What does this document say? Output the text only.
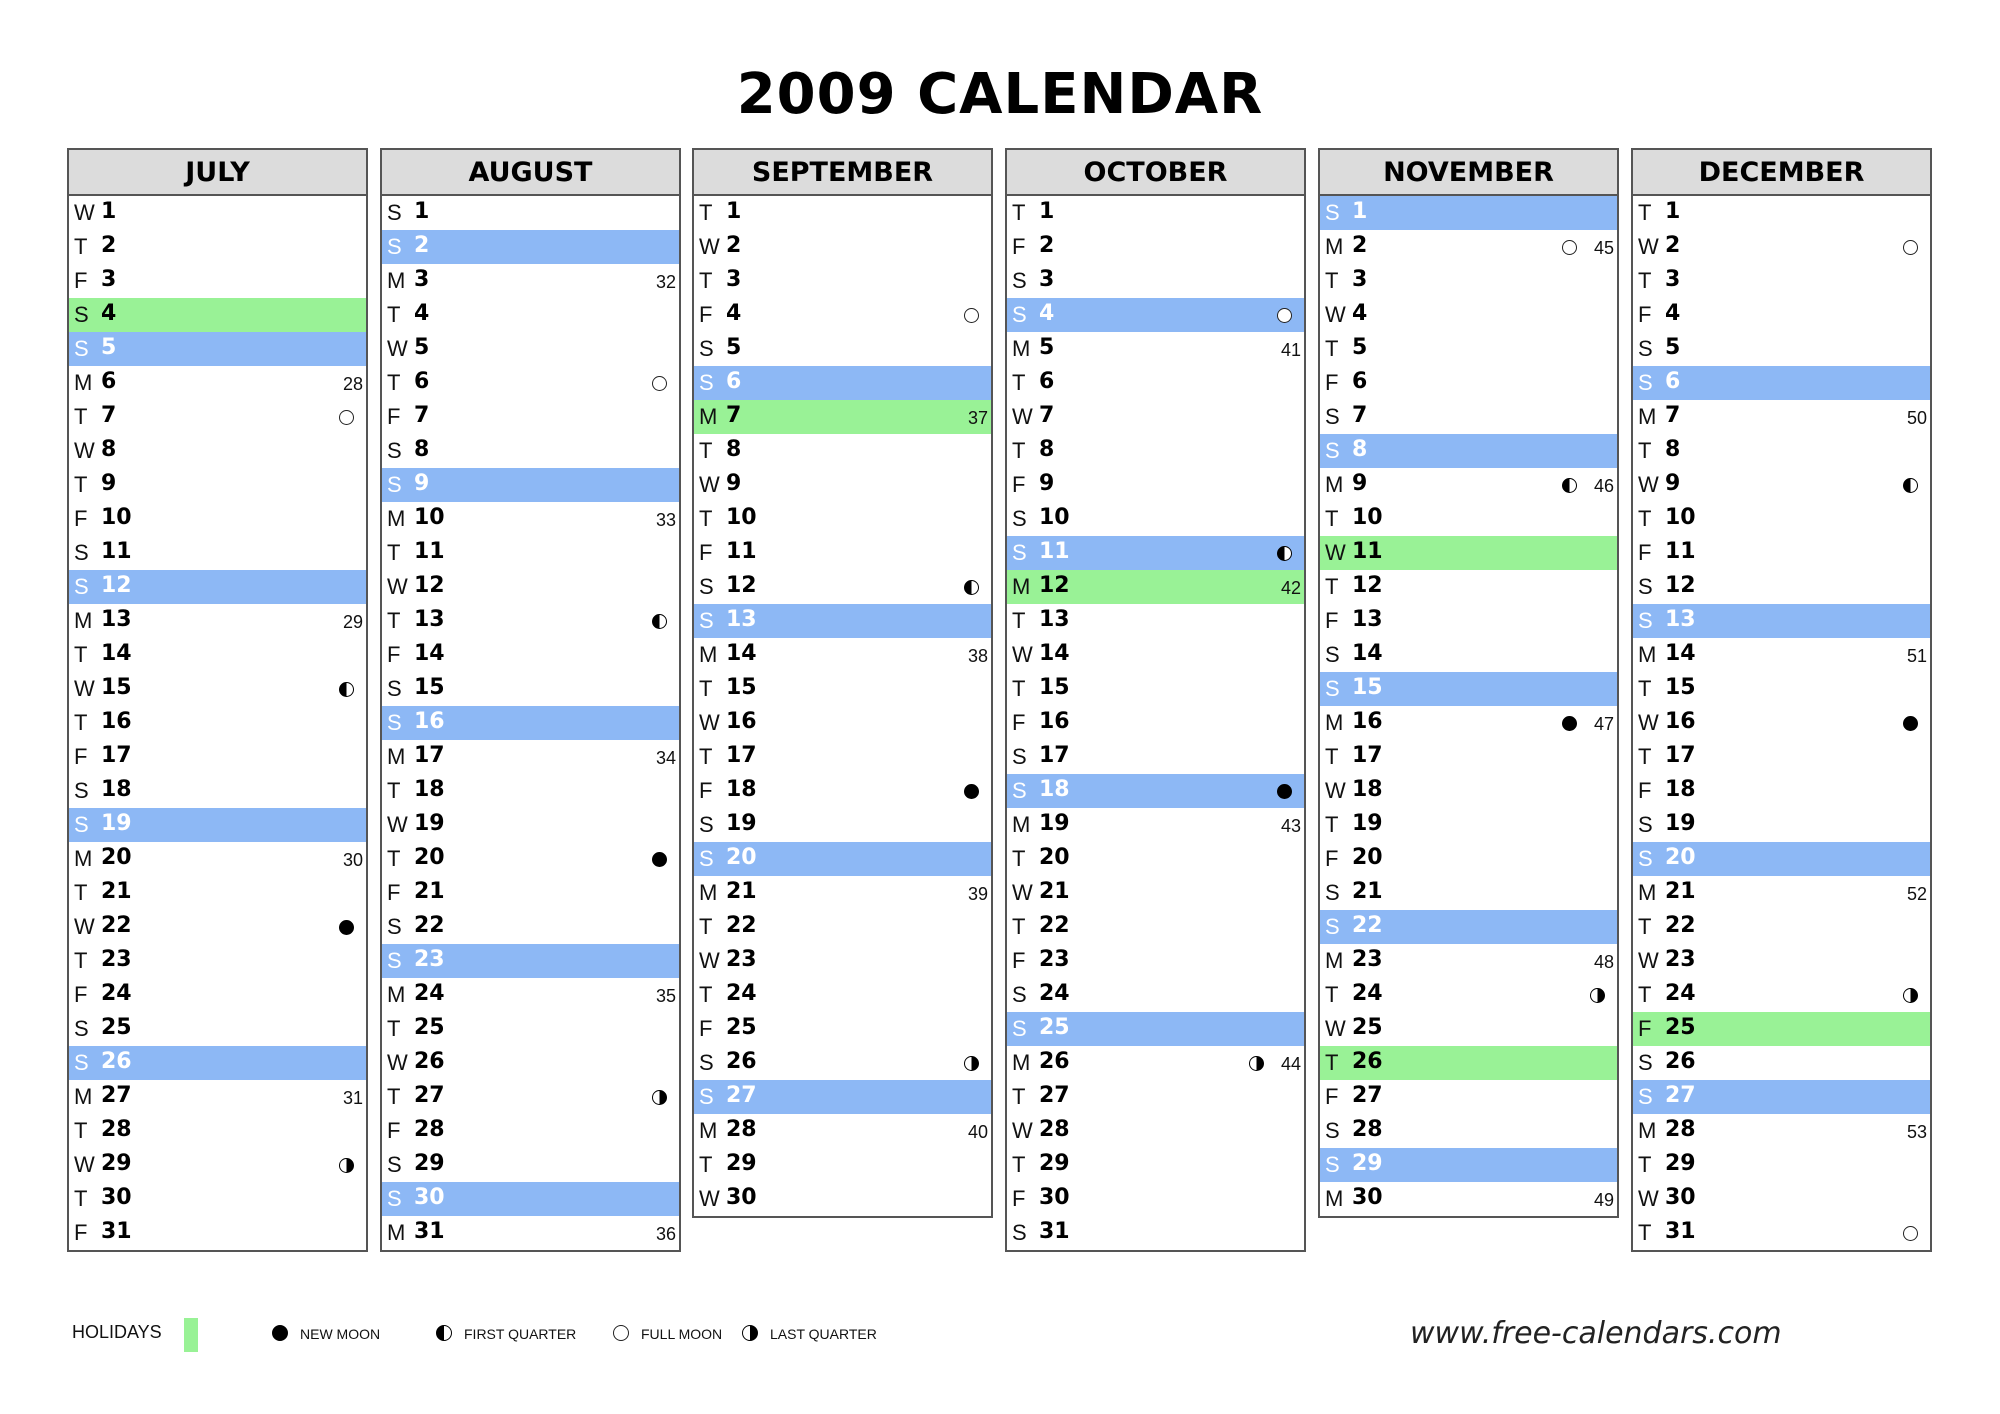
2009 CALENDAR
JULY
W 1
T 2
F 3
S 4
S 5
M 6	28
T 7
W 8
T 9
F 10
S 11
S 12
M 13	29
T 14
W 15
T 16
F 17
S 18
S 19
M 20	30
T 21
W 22
T 23
F 24
S 25
S 26
M 27	31
T 28
W 29
T 30
F 31
AUGUST
S 1
S 2
M 3	32
T 4
W 5
T 6
F 7
S 8
S 9
M 10	33
T 11
W 12
T 13
F 14
S 15
S 16
M 17	34
T 18
W 19
T 20
F 21
S 22
S 23
M 24	35
T 25
W 26
T 27
F 28
S 29
S 30
M 31	36
SEPTEMBER
T 1
W 2
T 3
F 4
S 5
S 6
M 7	37
T 8
W 9
T 10
F 11
S 12
S 13
M 14	38
T 15
W 16
T 17
F 18
S 19
S 20
M 21	39
T 22
W 23
T 24
F 25
S 26
S 27
M 28	40
T 29
W 30
OCTOBER
T 1
F 2
S 3
S 4
M 5	41
T 6
W 7
T 8
F 9
S 10
S 11
M 12	42
T 13
W 14
T 15
F 16
S 17
S 18
M 19	43
T 20
W 21
T 22
F 23
S 24
S 25
M 26	44
T 27
W 28
T 29
F 30
S 31
NOVEMBER
S 1
M 2	45
T 3
W 4
T 5
F 6
S 7
S 8
M 9	46
T 10
W 11
T 12
F 13
S 14
S 15
M 16	47
T 17
W 18
T 19
F 20
S 21
S 22
M 23	48
T 24
W 25
T 26
F 27
S 28
S 29
M 30	49
DECEMBER
T 1
W 2
T 3
F 4
S 5
S 6
M 7	50
T 8
W 9
T 10
F 11
S 12
S 13
M 14	51
T 15
W 16
T 17
F 18
S 19
S 20
M 21	52
T 22
W 23
T 24
F 25
S 26
S 27
M 28	53
T 29
W 30
T 31
HOLIDAYS	NEW MOON	FIRST QUARTER	FULL MOON	LAST QUARTER	www.free-calendars.com
